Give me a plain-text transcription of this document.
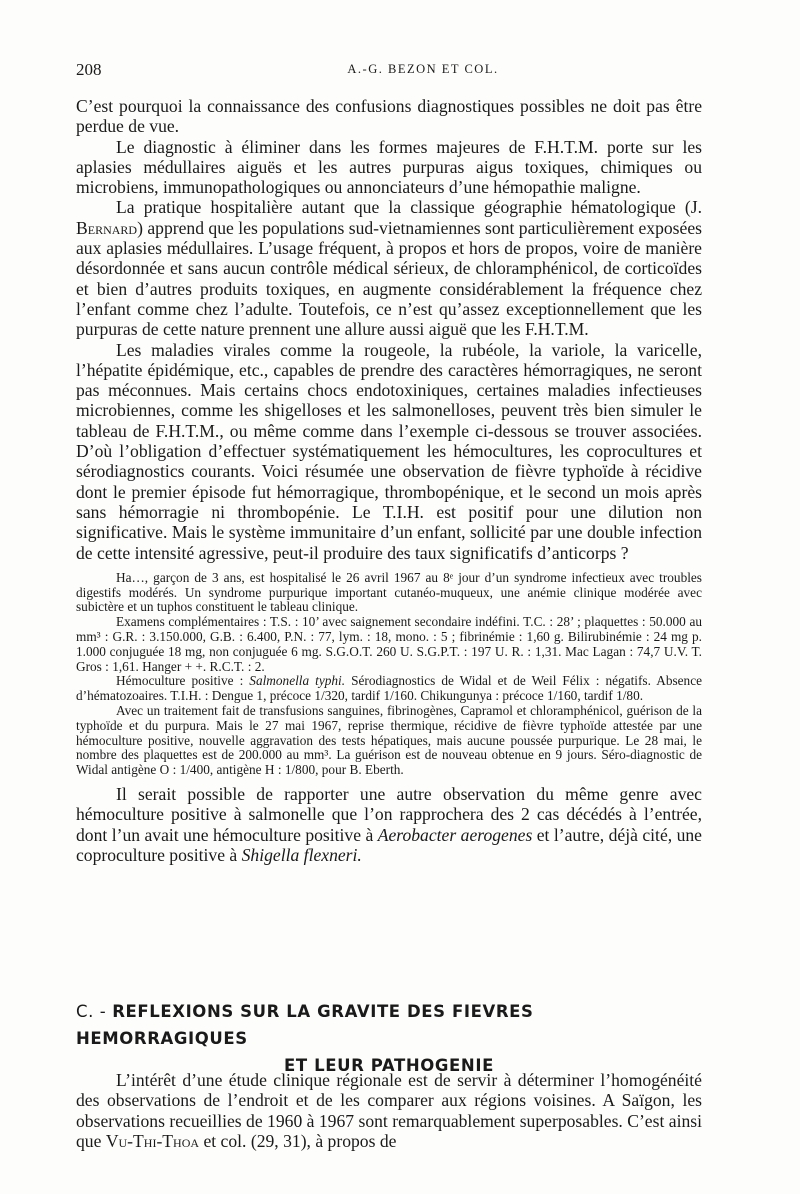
208	A.-G. BEZON ET COL.

C’est pourquoi la connaissance des confusions diagnostiques possibles ne doit pas être perdue de vue.

Le diagnostic à éliminer dans les formes majeures de F.H.T.M. porte sur les aplasies médullaires aiguës et les autres purpuras aigus toxiques, chimiques ou microbiens, immunopathologiques ou annonciateurs d’une hémopathie maligne.

La pratique hospitalière autant que la classique géographie hématologique (J. Bernard) apprend que les populations sud-vietnamiennes sont particulièrement exposées aux aplasies médullaires. L’usage fréquent, à propos et hors de propos, voire de manière désordonnée et sans aucun contrôle médical sérieux, de chloramphénicol, de corticoïdes et bien d’autres produits toxiques, en augmente considérablement la fréquence chez l’enfant comme chez l’adulte. Toutefois, ce n’est qu’assez exceptionnellement que les purpuras de cette nature prennent une allure aussi aiguë que les F.H.T.M.

Les maladies virales comme la rougeole, la rubéole, la variole, la varicelle, l’hépatite épidémique, etc., capables de prendre des caractères hémorragiques, ne seront pas méconnues. Mais certains chocs endotoxiniques, certaines maladies infectieuses microbiennes, comme les shigelloses et les salmonelloses, peuvent très bien simuler le tableau de F.H.T.M., ou même comme dans l’exemple ci-dessous se trouver associées. D’où l’obligation d’effectuer systématiquement les hémocultures, les coprocultures et sérodiagnostics courants. Voici résumée une observation de fièvre typhoïde à récidive dont le premier épisode fut hémorragique, thrombopénique, et le second un mois après sans hémorragie ni thrombopénie. Le T.I.H. est positif pour une dilution non significative. Mais le système immunitaire d’un enfant, sollicité par une double infection de cette intensité agressive, peut-il produire des taux significatifs d’anticorps ?

Ha…, garçon de 3 ans, est hospitalisé le 26 avril 1967 au 8ᵉ jour d’un syndrome infectieux avec troubles digestifs modérés. Un syndrome purpurique important cutanéo-muqueux, une anémie clinique modérée avec subictère et un tuphos constituent le tableau clinique.

Examens complémentaires : T.S. : 10’ avec saignement secondaire indéfini. T.C. : 28’ ; plaquettes : 50.000 au mm³ : G.R. : 3.150.000, G.B. : 6.400, P.N. : 77, lym. : 18, mono. : 5 ; fibrinémie : 1,60 g. Bilirubinémie : 24 mg p. 1.000 conjuguée 18 mg, non conjuguée 6 mg. S.G.O.T. 260 U. S.G.P.T. : 197 U. R. : 1,31. Mac Lagan : 74,7 U.V. T. Gros : 1,61. Hanger + +. R.C.T. : 2.

Hémoculture positive : Salmonella typhi. Sérodiagnostics de Widal et de Weil Félix : négatifs. Absence d’hématozoaires. T.I.H. : Dengue 1, précoce 1/320, tardif 1/160. Chikungunya : précoce 1/160, tardif 1/80.

Avec un traitement fait de transfusions sanguines, fibrinogènes, Capramol et chloramphénicol, guérison de la typhoïde et du purpura. Mais le 27 mai 1967, reprise thermique, récidive de fièvre typhoïde attestée par une hémoculture positive, nouvelle aggravation des tests hépatiques, mais aucune poussée purpurique. Le 28 mai, le nombre des plaquettes est de 200.000 au mm³. La guérison est de nouveau obtenue en 9 jours. Séro-diagnostic de Widal antigène O : 1/400, antigène H : 1/800, pour B. Eberth.

Il serait possible de rapporter une autre observation du même genre avec hémoculture positive à salmonelle que l’on rapprochera des 2 cas décédés à l’entrée, dont l’un avait une hémoculture positive à Aerobacter aerogenes et l’autre, déjà cité, une coproculture positive à Shigella flexneri.

C. - REFLEXIONS SUR LA GRAVITE DES FIEVRES HEMORRAGIQUES
ET LEUR PATHOGENIE

L’intérêt d’une étude clinique régionale est de servir à déterminer l’homogénéité des observations de l’endroit et de les comparer aux régions voisines. A Saïgon, les observations recueillies de 1960 à 1967 sont remarquablement superposables. C’est ainsi que Vu-Thi-Thoa et col. (29, 31), à propos de
